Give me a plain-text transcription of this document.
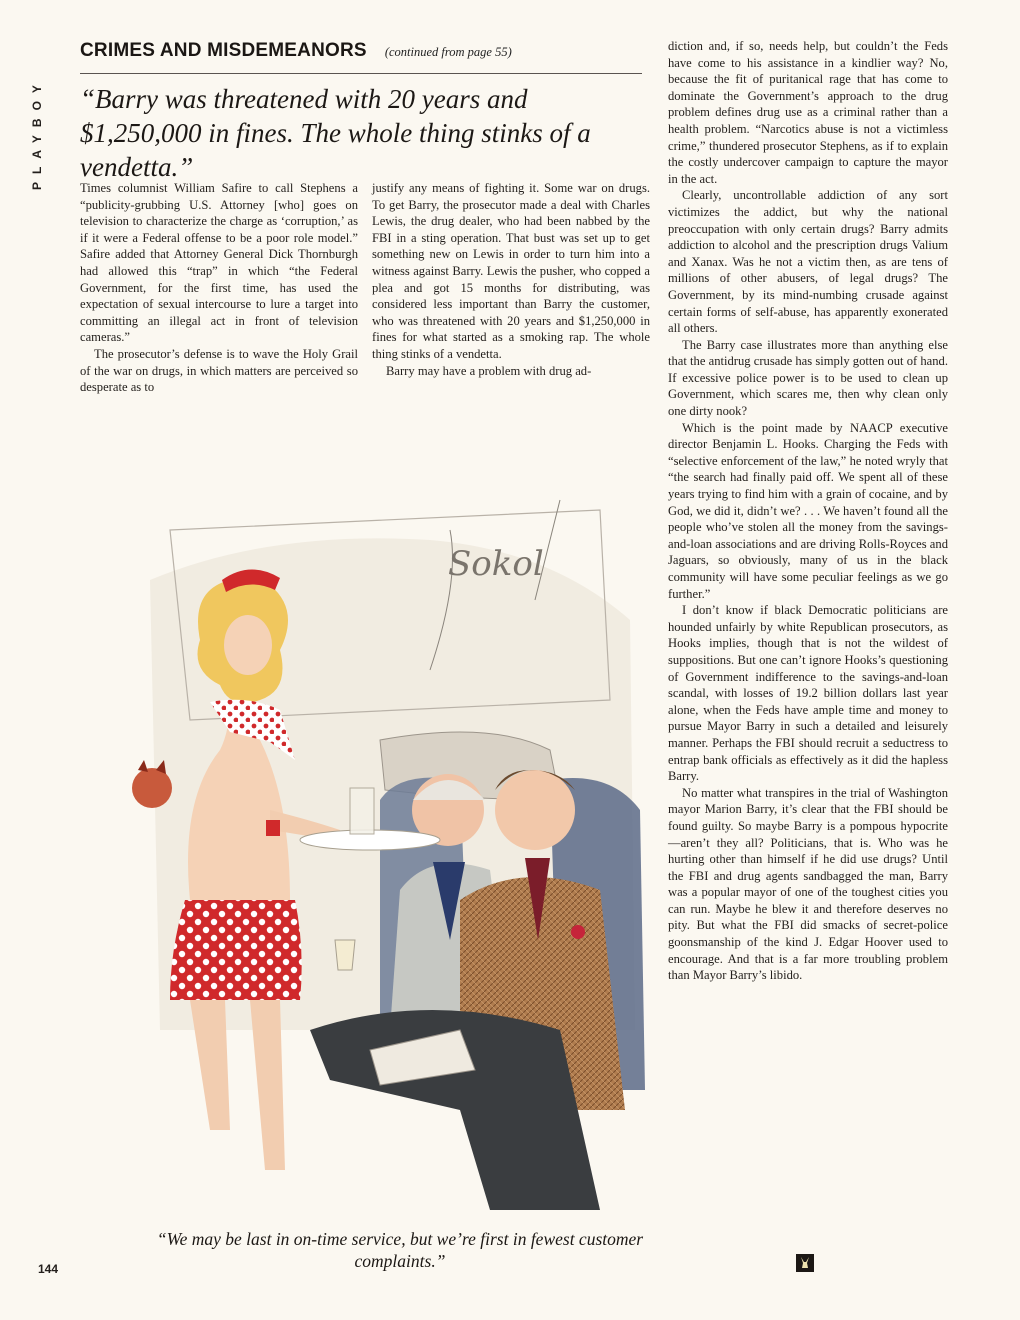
PLAYBOY
CRIMES AND MISDEMEANORS (continued from page 55)

“Barry was threatened with 20 years and $1,250,000 in fines. The whole thing stinks of a vendetta.”

Times columnist William Safire to call Stephens a “publicity-grubbing U.S. Attorney [who] goes on television to characterize the charge as ‘corruption,’ as if it were a Federal offense to be a poor role model.” Safire added that Attorney General Dick Thornburgh had allowed this “trap” in which “the Federal Government, for the first time, has used the expectation of sexual intercourse to lure a target into committing an illegal act in front of television cameras.”

The prosecutor’s defense is to wave the Holy Grail of the war on drugs, in which matters are perceived so desperate as to

justify any means of fighting it. Some war on drugs. To get Barry, the prosecutor made a deal with Charles Lewis, the drug dealer, who had been nabbed by the FBI in a sting operation. That bust was set up to get something new on Lewis in order to turn him into a witness against Barry. Lewis the pusher, who copped a plea and got 15 months for distributing, was considered less important than Barry the customer, who was threatened with 20 years and $1,250,000 in fines for what started as a smoking rap. The whole thing stinks of a vendetta.

Barry may have a problem with drug ad-

diction and, if so, needs help, but couldn’t the Feds have come to his assistance in a kindlier way? No, because the fit of puritanical rage that has come to dominate the Government’s approach to the drug problem defines drug use as a criminal rather than a health problem. “Narcotics abuse is not a victimless crime,” thundered prosecutor Stephens, as if to explain the costly undercover campaign to capture the mayor in the act.

Clearly, uncontrollable addiction of any sort victimizes the addict, but why the national preoccupation with only certain drugs? Barry admits addiction to alcohol and the prescription drugs Valium and Xanax. Was he not a victim then, as are tens of millions of other abusers, of legal drugs? The Government, by its mind-numbing crusade against certain forms of self-abuse, has apparently exonerated all others.

The Barry case illustrates more than anything else that the antidrug crusade has simply gotten out of hand. If excessive police power is to be used to clean up Government, which scares me, then why clean only one dirty nook?

Which is the point made by NAACP executive director Benjamin L. Hooks. Charging the Feds with “selective enforcement of the law,” he noted wryly that “the search had finally paid off. We spent all of these years trying to find him with a grain of cocaine, and by God, we did it, didn’t we? . . . We haven’t found all the people who’ve stolen all the money from the savings-and-loan associations and are driving Rolls-Royces and Jaguars, so obviously, many of us in the black community will have some peculiar feelings as we go further.”

I don’t know if black Democratic politicians are hounded unfairly by white Republican prosecutors, as Hooks implies, though that is not the wildest of suppositions. But one can’t ignore Hooks’s questioning of Government indifference to the savings-and-loan scandal, with losses of 19.2 billion dollars last year alone, when the Feds have ample time and money to pursue Mayor Barry in such a detailed and leisurely manner. Perhaps the FBI should recruit a seductress to entrap bank officials as effectively as it did the hapless Barry.

No matter what transpires in the trial of Washington mayor Marion Barry, it’s clear that the FBI should be found guilty. So maybe Barry is a pompous hypocrite—aren’t they all? Politicians, that is. Who was he hurting other than himself if he did use drugs? Until the FBI and drug agents sandbagged the man, Barry was a popular mayor of one of the toughest cities you can run. Maybe he blew it and therefore deserves no pity. But what the FBI did smacks of secret-police goonsmanship of the kind J. Edgar Hoover used to encourage. And that is a far more troubling problem than Mayor Barry’s libido.

Sokol
“We may be last in on-time service, but we’re first in fewest customer complaints.”
144
